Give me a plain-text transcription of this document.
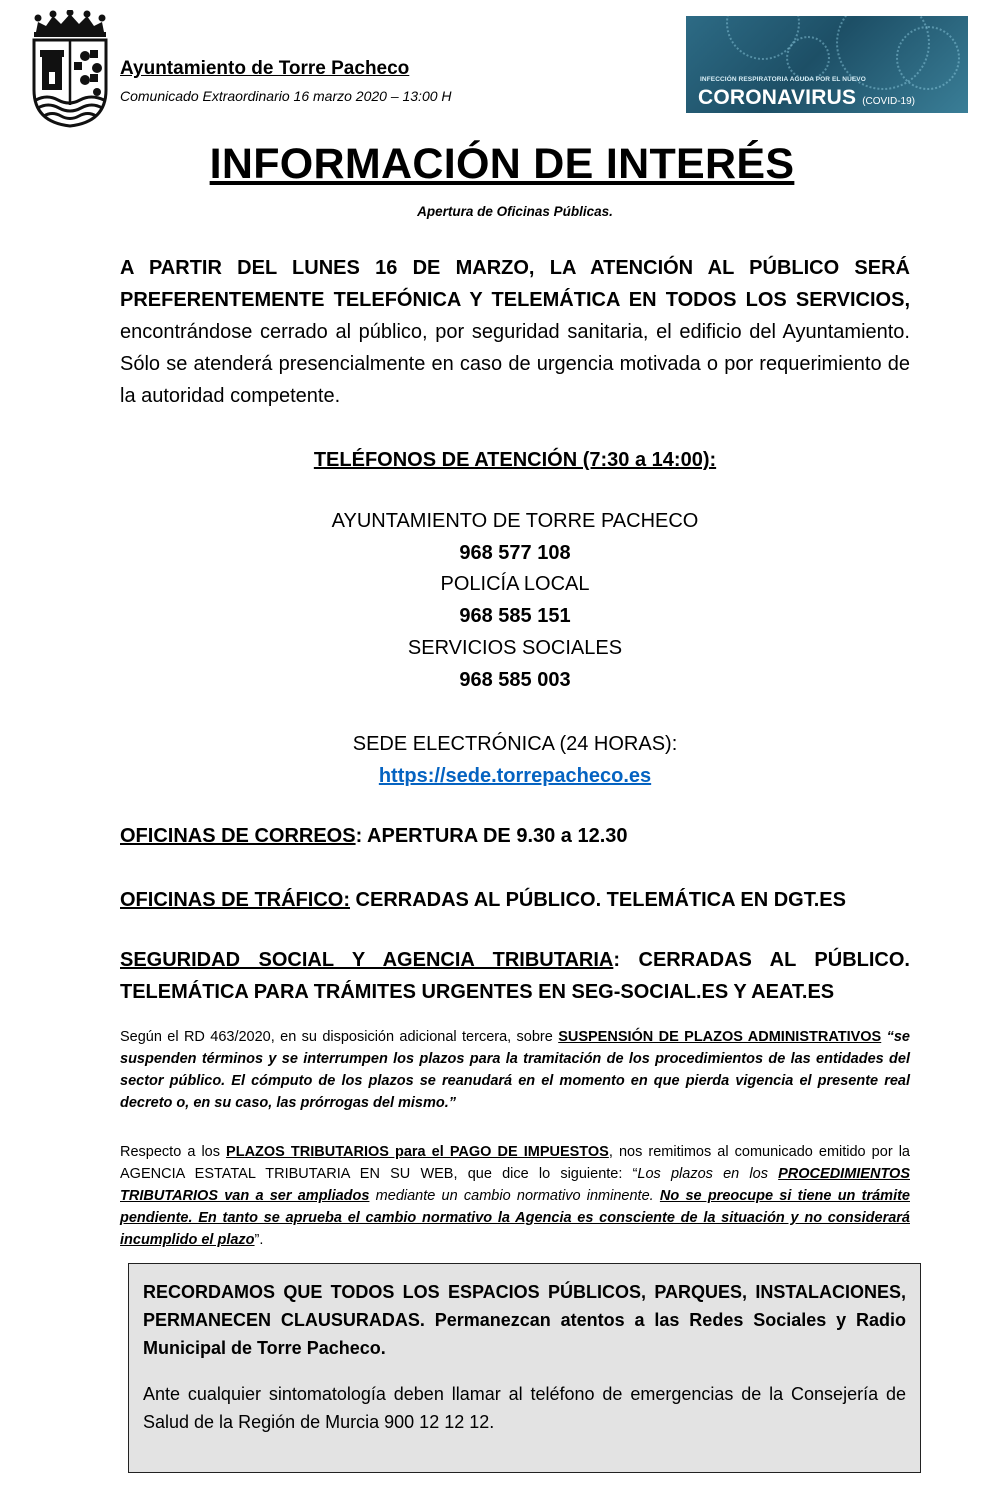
Ayuntamiento de Torre Pacheco
Comunicado Extraordinario 16 marzo 2020 – 13:00 H
INFECCIÓN RESPIRATORIA AGUDA POR EL NUEVO
CORONAVIRUS (COVID-19)
INFORMACIÓN DE INTERÉS
Apertura de Oficinas Públicas.
A PARTIR DEL LUNES 16 DE MARZO, LA ATENCIÓN AL PÚBLICO SERÁ PREFERENTEMENTE TELEFÓNICA Y TELEMÁTICA EN TODOS LOS SERVICIOS, encontrándose cerrado al público, por seguridad sanitaria, el edificio del Ayuntamiento. Sólo se atenderá presencialmente en caso de urgencia motivada o por requerimiento de la autoridad competente.
TELÉFONOS DE ATENCIÓN (7:30 a 14:00):
AYUNTAMIENTO DE TORRE PACHECO
968 577 108
POLICÍA LOCAL
968 585 151
SERVICIOS SOCIALES
968 585 003
SEDE ELECTRÓNICA (24 HORAS):
https://sede.torrepacheco.es
OFICINAS DE CORREOS: APERTURA DE 9.30 a 12.30
OFICINAS DE TRÁFICO: CERRADAS AL PÚBLICO. TELEMÁTICA EN DGT.ES
SEGURIDAD SOCIAL Y AGENCIA TRIBUTARIA: CERRADAS AL PÚBLICO. TELEMÁTICA PARA TRÁMITES URGENTES EN SEG-SOCIAL.ES Y AEAT.ES
Según el RD 463/2020, en su disposición adicional tercera, sobre SUSPENSIÓN DE PLAZOS ADMINISTRATIVOS “se suspenden términos y se interrumpen los plazos para la tramitación de los procedimientos de las entidades del sector público. El cómputo de los plazos se reanudará en el momento en que pierda vigencia el presente real decreto o, en su caso, las prórrogas del mismo.”
Respecto a los PLAZOS TRIBUTARIOS para el PAGO DE IMPUESTOS, nos remitimos al comunicado emitido por la AGENCIA ESTATAL TRIBUTARIA EN SU WEB, que dice lo siguiente: “Los plazos en los PROCEDIMIENTOS TRIBUTARIOS van a ser ampliados mediante un cambio normativo inminente. No se preocupe si tiene un trámite pendiente. En tanto se aprueba el cambio normativo la Agencia es consciente de la situación y no considerará incumplido el plazo”.

RECORDAMOS QUE TODOS LOS ESPACIOS PÚBLICOS, PARQUES, INSTALACIONES, PERMANECEN CLAUSURADAS. Permanezcan atentos a las Redes Sociales y Radio Municipal de Torre Pacheco.

Ante cualquier sintomatología deben llamar al teléfono de emergencias de la Consejería de Salud de la Región de Murcia 900 12 12 12.
